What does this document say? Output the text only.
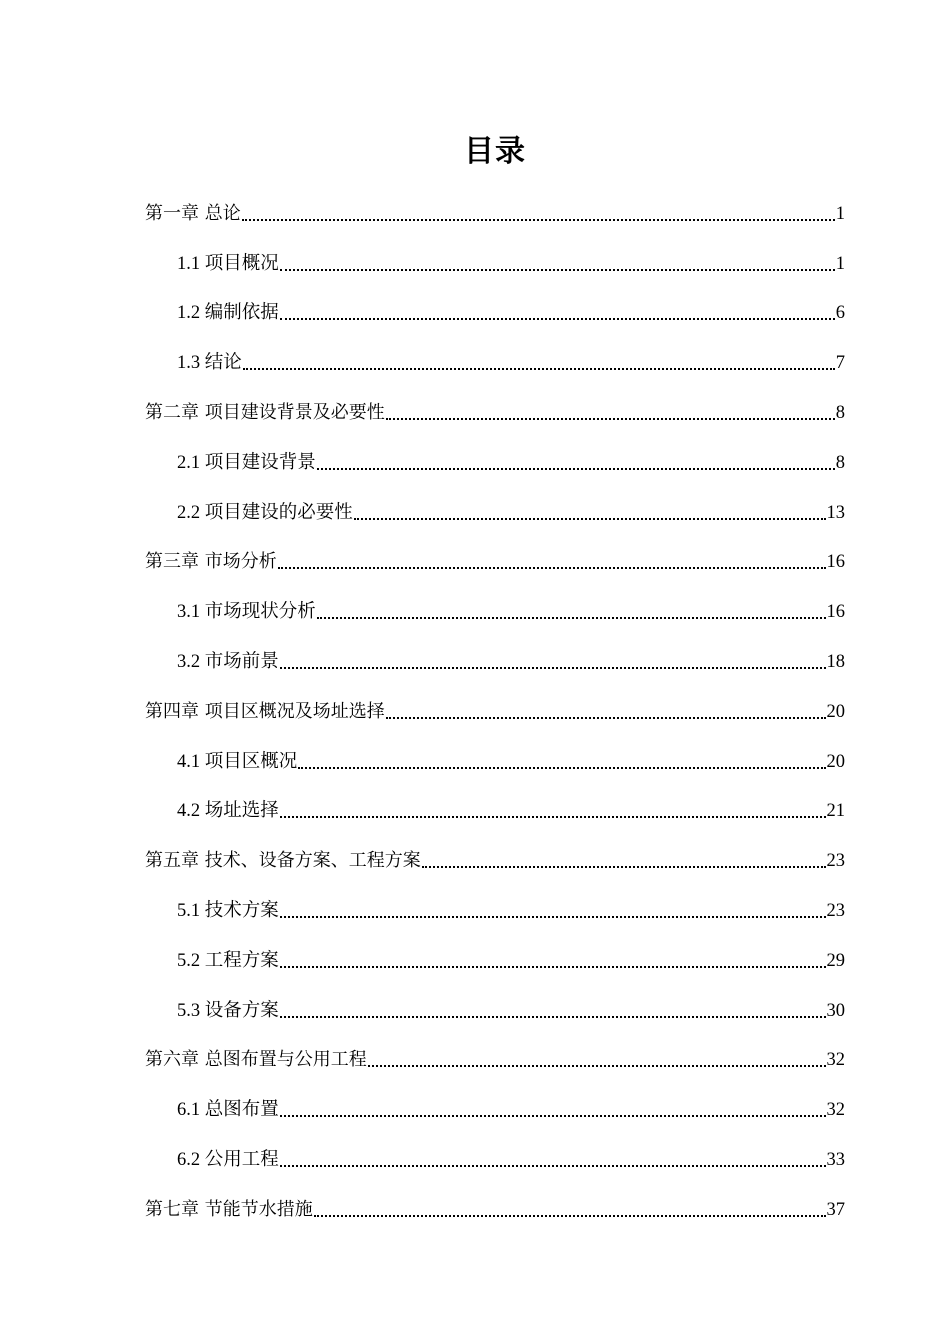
目录
第一章 总论	1
1.1 项目概况	1
1.2 编制依据	6
1.3 结论	7
第二章 项目建设背景及必要性	8
2.1 项目建设背景	8
2.2 项目建设的必要性	13
第三章 市场分析	16
3.1 市场现状分析	16
3.2 市场前景	18
第四章 项目区概况及场址选择	20
4.1 项目区概况	20
4.2 场址选择	21
第五章 技术、设备方案、工程方案	23
5.1 技术方案	23
5.2 工程方案	29
5.3 设备方案	30
第六章 总图布置与公用工程	32
6.1 总图布置	32
6.2 公用工程	33
第七章 节能节水措施	37
